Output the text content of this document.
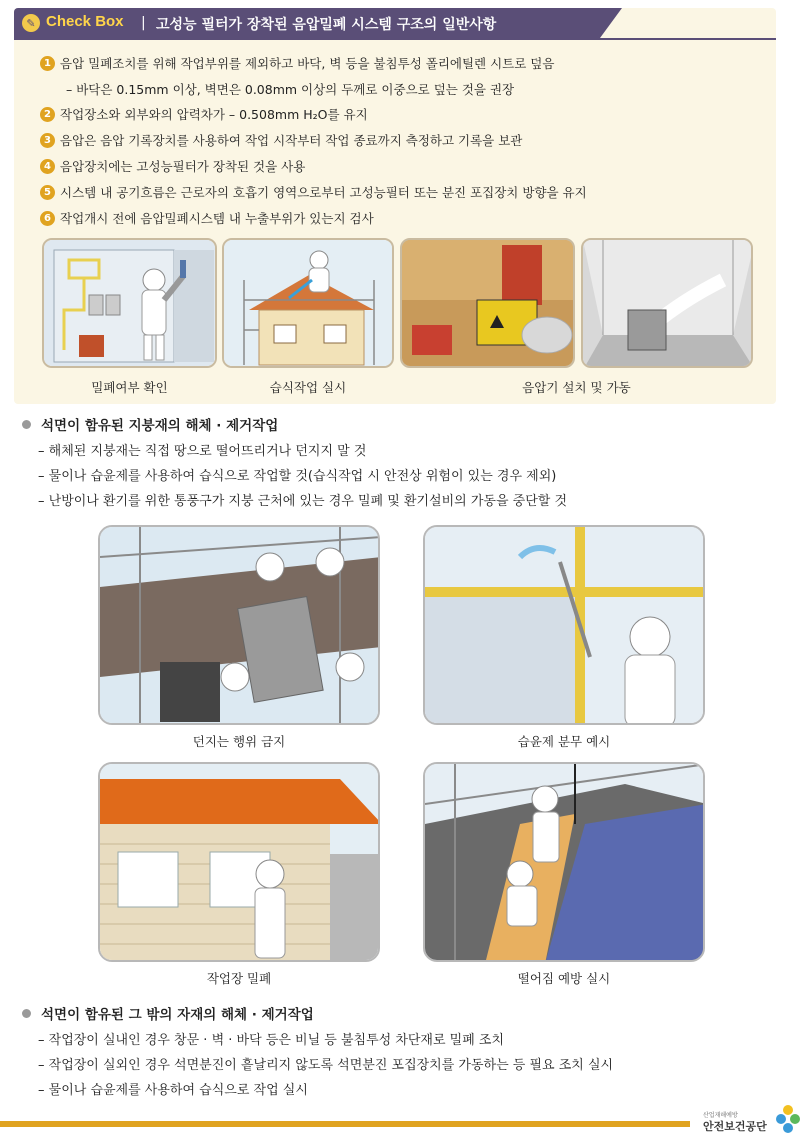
✎ Check Box | 고성능 필터가 장착된 음압밀폐 시스템 구조의 일반사항
1 음압 밀폐조치를 위해 작업부위를 제외하고 바닥, 벽 등을 불침투성 폴리에틸렌 시트로 덮음
– 바닥은 0.15mm 이상, 벽면은 0.08mm 이상의 두께로 이중으로 덮는 것을 권장
2 작업장소와 외부와의 압력차가 – 0.508mm H₂O를 유지
3 음압은 음압 기록장치를 사용하여 작업 시작부터 작업 종료까지 측정하고 기록을 보관
4 음압장치에는 고성능필터가 장착된 것을 사용
5 시스템 내 공기흐름은 근로자의 호흡기 영역으로부터 고성능필터 또는 분진 포집장치 방향을 유지
6 작업개시 전에 음압밀폐시스템 내 누출부위가 있는지 검사
밀폐여부 확인	습식작업 실시	음압기 설치 및 가동
석면이 함유된 지붕재의 해체 · 제거작업
– 해체된 지붕재는 직접 땅으로 떨어뜨리거나 던지지 말 것
– 물이나 습윤제를 사용하여 습식으로 작업할 것(습식작업 시 안전상 위험이 있는 경우 제외)
– 난방이나 환기를 위한 통풍구가 지붕 근처에 있는 경우 밀폐 및 환기설비의 가동을 중단할 것
던지는 행위 금지	습윤제 분무 예시
작업장 밀폐	떨어짐 예방 실시
석면이 함유된 그 밖의 자재의 해체 · 제거작업
– 작업장이 실내인 경우 창문 · 벽 · 바닥 등은 비닐 등 불침투성 차단재로 밀폐 조치
– 작업장이 실외인 경우 석면분진이 흩날리지 않도록 석면분진 포집장치를 가동하는 등 필요 조치 실시
– 물이나 습윤제를 사용하여 습식으로 작업 실시
산업재해예방
안전보건공단
